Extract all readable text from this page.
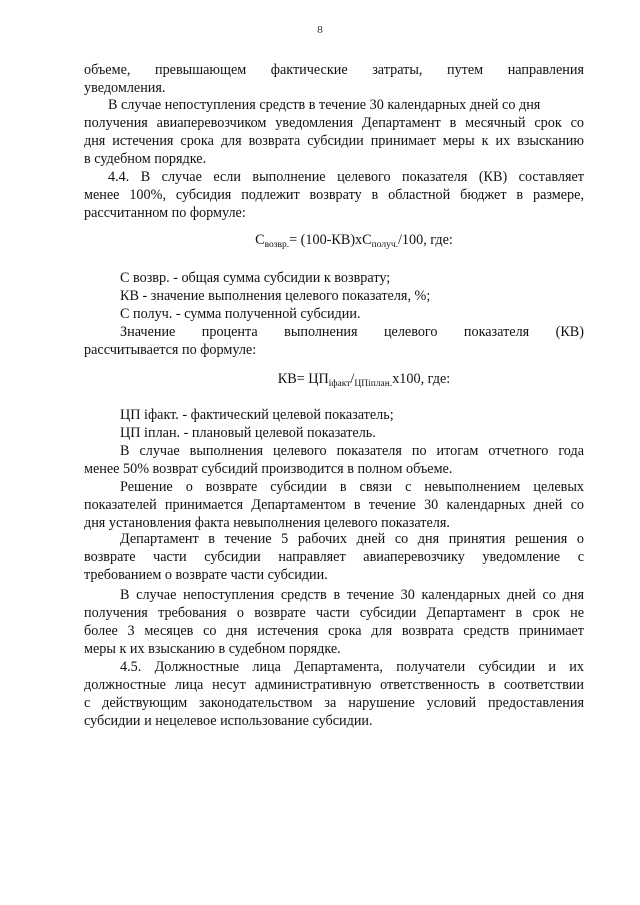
8
объеме, превышающем фактические затраты, путем направления
уведомления.
В случае непоступления средств в течение 30 календарных дней со дня
получения авиаперевозчиком уведомления Департамент в месячный срок со
дня истечения срока для возврата субсидии принимает меры к их взысканию
в судебном порядке.
4.4. В случае если выполнение целевого показателя (КВ) составляет
менее 100%, субсидия подлежит возврату в областной бюджет в размере,
рассчитанном по формуле:
С возвр. - общая сумма субсидии к возврату;
КВ - значение выполнения целевого показателя, %;
С получ. - сумма полученной субсидии.
Значение процента выполнения целевого показателя (КВ)
рассчитывается по формуле:
ЦП іфакт. - фактический целевой показатель;
ЦП іплан. - плановый целевой показатель.
В случае выполнения целевого показателя по итогам отчетного года
менее 50% возврат субсидий производится в полном объеме.
Решение о возврате субсидии в связи с невыполнением целевых
показателей принимается Департаментом в течение 30 календарных дней со
дня установления факта невыполнения целевого показателя.
Департамент в течение 5 рабочих дней со дня принятия решения о
возврате части субсидии направляет авиаперевозчику уведомление с
требованием о возврате части субсидии.
В случае непоступления средств в течение 30 календарных дней со дня
получения требования о возврате части субсидии Департамент в срок не
более 3 месяцев со дня истечения срока для возврата средств принимает
меры к их взысканию в судебном порядке.
4.5. Должностные лица Департамента, получатели субсидии и их
должностные лица несут административную ответственность в соответствии
с действующим законодательством за нарушение условий предоставления
субсидии и нецелевое использование субсидии.
$С_{возвр.}= (100-КВ)хС_{получ.}/100$, где:
$КВ= ЦП_{іфакт}/_{ЦПіплан.}х100$, где:
